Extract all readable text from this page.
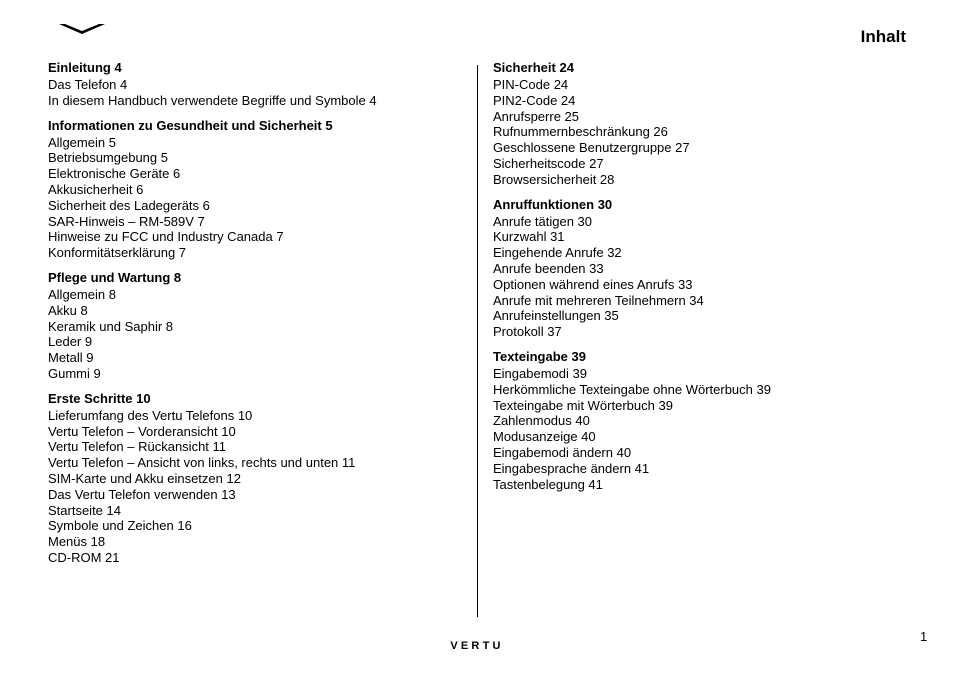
Inhalt

Einleitung 4

Das Telefon 4

In diesem Handbuch verwendete Begriffe und Symbole 4

Informationen zu Gesundheit und Sicherheit 5

Allgemein 5

Betriebsumgebung 5

Elektronische Geräte 6

Akkusicherheit 6

Sicherheit des Ladegeräts 6

SAR-Hinweis – RM-589V 7

Hinweise zu FCC und Industry Canada 7

Konformitätserklärung 7

Pflege und Wartung 8

Allgemein 8

Akku 8

Keramik und Saphir 8

Leder 9

Metall 9

Gummi 9

Erste Schritte 10

Lieferumfang des Vertu Telefons 10

Vertu Telefon – Vorderansicht 10

Vertu Telefon – Rückansicht 11

Vertu Telefon – Ansicht von links, rechts und unten 11

SIM-Karte und Akku einsetzen 12

Das Vertu Telefon verwenden 13

Startseite 14

Symbole und Zeichen 16

Menüs 18

CD-ROM 21

Sicherheit 24

PIN-Code 24

PIN2-Code 24

Anrufsperre 25

Rufnummernbeschränkung 26

Geschlossene Benutzergruppe 27

Sicherheitscode 27

Browsersicherheit 28

Anruffunktionen 30

Anrufe tätigen 30

Kurzwahl 31

Eingehende Anrufe 32

Anrufe beenden 33

Optionen während eines Anrufs 33

Anrufe mit mehreren Teilnehmern 34

Anrufeinstellungen 35

Protokoll 37

Texteingabe 39

Eingabemodi 39

Herkömmliche Texteingabe ohne Wörterbuch 39

Texteingabe mit Wörterbuch 39

Zahlenmodus 40

Modusanzeige 40

Eingabemodi ändern 40

Eingabesprache ändern 41

Tastenbelegung 41

VERTU
1
